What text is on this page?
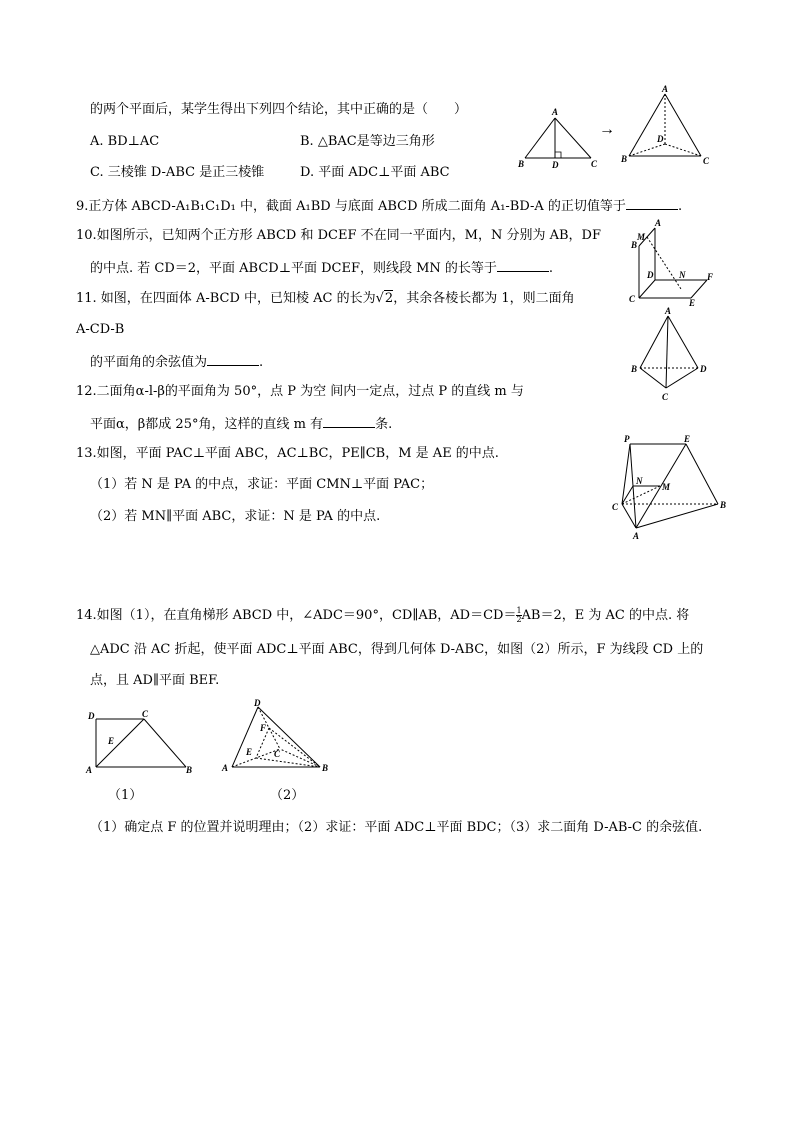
的两个平面后，某学生得出下列四个结论，其中正确的是（ ）
A. BD⊥AC	B. △BAC是等边三角形
C. 三棱锥 D-ABC 是正三棱锥	D. 平面 ADC⊥平面 ABC
A
B	D	C
→
A
D
B	C
9.正方体 ABCD-A₁B₁C₁D₁ 中，截面 A₁BD 与底面 ABCD 所成二面角 A₁-BD-A 的正切值等于	.
10.如图所示，已知两个正方形 ABCD 和 DCEF 不在同一平面内，M，N 分别为 AB，DF
的中点. 若 CD＝2，平面 ABCD⊥平面 DCEF，则线段 MN 的长等于	.
A
B
M
D	N F
C	E
11. 如图，在四面体 A-BCD 中，已知棱 AC 的长为√2，其余各棱长都为 1，则二面角
A-CD-B
的平面角的余弦值为	.
A
B	D
C
12.二面角α-l-β的平面角为 50°，点 P 为空 间内一定点，过点 P 的直线 m 与
平面α，β都成 25°角，这样的直线 m 有	条.
13.如图，平面 PAC⊥平面 ABC，AC⊥BC，PE∥CB，M 是 AE 的中点.
（1）若 N 是 PA 的中点，求证：平面 CMN⊥平面 PAC；
（2）若 MN∥平面 ABC，求证：N 是 PA 的中点.
P	E
N
M
C	B
A
14.如图（1），在直角梯形 ABCD 中，∠ADC＝90°，CD∥AB，$AD=CD= \frac{1}{2} AB=2$，E 为 AC 的中点. 将
△ADC 沿 AC 折起，使平面 ADC⊥平面 ABC，得到几何体 D-ABC，如图（2）所示，F 为线段 CD 上的
点，且 AD∥平面 BEF.
D	C
E
A	B
（1）
D
F
E C
A	B
（2）
（1）确定点 F 的位置并说明理由；（2）求证：平面 ADC⊥平面 BDC；（3）求二面角 D-AB-C 的余弦值.
